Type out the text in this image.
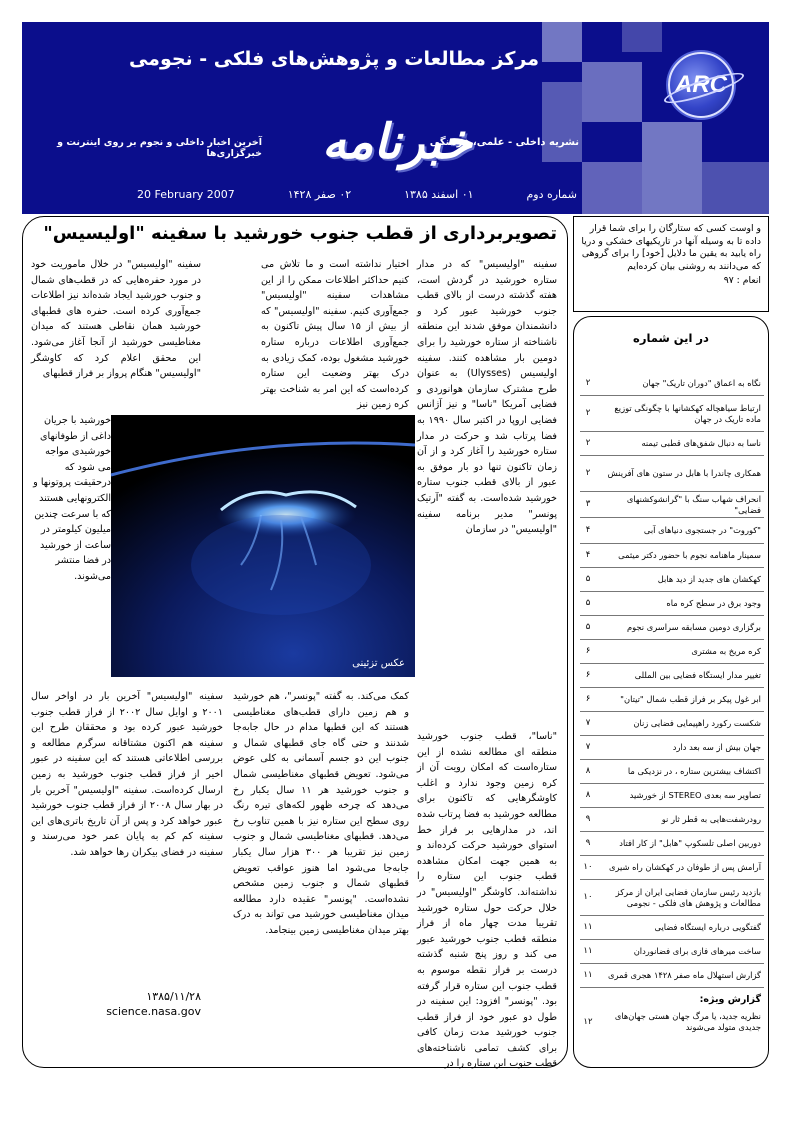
ARC
مرکز مطالعات و پژوهش‌های فلکی - نجومی
خبرنامه
نشریه داخلی - علمی، فرهنگی
آخرین اخبار داخلی و نجوم بر روی اینترنت و خبرگزاری‌ها
شماره دوم
۰۱ اسفند ۱۳۸۵
۰۲ صفر ۱۴۲۸
20 February 2007
تصویربرداری از قطب جنوب خورشید با سفینه "اولیسیس"
سفینه "اولیسیس" که در مدار ستاره خورشید در گردش است، هفته گذشته درست از بالای قطب جنوب خورشید عبور کرد و دانشمندان موفق شدند این منطقه ناشناخته از ستاره خورشید را برای دومین بار مشاهده کنند. سفینه اولیسیس (Ulysses) به عنوان طرح مشترک سازمان هوانوردی و فضایی آمریکا "ناسا" و نیز آژانس فضایی اروپا در اکتبر سال ۱۹۹۰ به فضا پرتاب شد و حرکت در مدار ستاره خورشید را آغاز کرد و از آن زمان تاکنون تنها دو بار موفق به عبور از بالای قطب جنوب ستاره خورشید شده‌است. به گفته "آرتیک پونسر" مدیر برنامه سفینه "اولیسیس" در سازمان
اختیار نداشته است و ما تلاش می کنیم حداکثر اطلاعات ممکن را از این مشاهدات سفینه "اولیسیس" جمع‌آوری کنیم. سفینه "اولیسیس" که از بیش از ۱۵ سال پیش تاکنون به جمع‌آوری اطلاعات درباره ستاره خورشید مشغول بوده، کمک زیادی به درک بهتر وضعیت این ستاره کرده‌است که این امر به شناخت بهتر کره زمین نیز
سفینه "اولیسیس" در خلال ماموریت خود در مورد حفره‌هایی که در قطب‌های شمال و جنوب خورشید ایجاد شده‌اند نیز اطلاعات جمع‌آوری کرده است. حفره های قطبهای خورشید همان نقاطی هستند که میدان مغناطیسی خورشید از آنجا آغاز می‌شود. این محقق اعلام کرد که کاوشگر "اولیسیس" هنگام پرواز بر فراز قطبهای
خورشید با جریان داغی از طوفانهای خورشیدی مواجه می شود که درحقیقت پروتونها و الکترونهایی هستند که با سرعت چندین میلیون کیلومتر در ساعت از خورشید در فضا منتشر می‌شوند.
عکس تزئینی
"ناسا"، قطب جنوب خورشید منطقه ای مطالعه نشده از این ستاره‌است که امکان رویت آن از کره زمین وجود ندارد و اغلب کاوشگرهایی که تاکنون برای مطالعه خورشید به فضا پرتاب شده اند، در مدارهایی بر فراز خط استوای خورشید حرکت کرده‌اند و به همین جهت امکان مشاهده قطب جنوب این ستاره را نداشته‌اند. کاوشگر "اولیسیس" در خلال حرکت حول ستاره خورشید تقریبا مدت چهار ماه از فراز منطقه قطب جنوب خورشید عبور می کند و روز پنج شنبه گذشته درست بر فراز نقطه موسوم به قطب جنوب این ستاره قرار گرفته بود. "پونسر" افزود: این سفینه در طول دو عبور خود از فراز قطب جنوب خورشید مدت زمان کافی برای کشف تمامی ناشناخته‌های قطب جنوب این ستاره را در
کمک می‌کند. به گفته "پونسر"، هم خورشید و هم زمین دارای قطب‌های مغناطیسی هستند که این قطبها مدام در حال جابه‌جا شدنند و حتی گاه جای قطبهای شمال و جنوب این دو جسم آسمانی به کلی عوض می‌شود. تعویض قطبهای مغناطیسی شمال و جنوب خورشید هر ۱۱ سال یکبار رخ می‌دهد که چرخه ظهور لکه‌های تیره رنگ روی سطح این ستاره نیز با همین تناوب رخ می‌دهد. قطبهای مغناطیسی شمال و جنوب زمین نیز تقریبا هر ۳۰۰ هزار سال یکبار جابه‌جا می‌شود اما هنوز عواقب تعویض قطبهای شمال و جنوب زمین مشخص نشده‌است. "پونسر" عقیده دارد مطالعه میدان مغناطیسی خورشید می تواند به درک بهتر میدان مغناطیسی زمین بینجامد.
سفینه "اولیسیس" آخرین بار در اواخر سال ۲۰۰۱ و اوایل سال ۲۰۰۲ از فراز قطب جنوب خورشید عبور کرده بود و محققان طرح این سفینه هم اکنون مشتاقانه سرگرم مطالعه و بررسی اطلاعاتی هستند که این سفینه در عبور اخیر از فراز قطب جنوب خورشید به زمین ارسال کرده‌است. سفینه "اولیسیس" آخرین بار در بهار سال ۲۰۰۸ از فراز قطب جنوب خورشید عبور خواهد کرد و پس از آن تاریخ باتری‌های این سفینه کم کم به پایان عمر خود می‌رسند و سفینه در فضای بیکران رها خواهد شد.
۱۳۸۵/۱۱/۲۸
science.nasa.gov
و اوست کسی که ستارگان را برای شما قرار داده تا به وسیله آنها در تاریکیهای خشکی و دریا راه یابید به یقین ما دلایل [خود] را برای گروهی که می‌دانند به روشنی بیان کرده‌ایم
انعام : ۹۷
در این شماره
نگاه به اعماق "دوران تاریک" جهان
۲
ارتباط سیاهچاله کهکشانها با چگونگی توزیع ماده تاریک در جهان
۲
ناسا به دنبال شفق‌های قطبی تیمنه
۲
همکاری چاندرا با هابل در ستون های آفرینش
۲
انحراف شهاب سنگ با "گرانشوکشنهای فضایی"
۳
"کوروت" در جستجوی دنیاهای آبی
۴
سمینار ماهنامه نجوم با حضور دکتر میثمی
۴
کهکشان های جدید از دید هابل
۵
وجود برق در سطح کره ماه
۵
برگزاری دومین مسابقه سراسری نجوم
۵
کره مریخ به مشتری
۶
تغییر مدار ایستگاه فضایی بین المللی
۶
ابر غول پیکر بر فراز قطب شمال "تیتان"
۶
شکست رکورد راهپیمایی فضایی زنان
۷
جهان بیش از سه بعد دارد
۷
اکتشاف بیشترین ستاره ، در نزدیکی ما
۸
تصاویر سه بعدی STEREO از خورشید
۸
رودرشفت‌هایی به قطر ثار نو
۹
دوربین اصلی تلسکوپ "هابل" از کار افتاد
۹
آرامش پس از طوفان در کهکشان راه شیری
۱۰
بازدید رئیس سازمان فضایی ایران از مرکز مطالعات و پژوهش های فلکی - نجومی
۱۰
گفتگویی درباره ایستگاه فضایی
۱۱
ساخت میرهای فازی برای فضانوردان
۱۱
گزارش استهلال ماه صفر ۱۴۲۸ هجری قمری
۱۱
گزارش ویژه:
نظریه جدید، یا مرگ جهان هستی جهان‌های جدیدی متولد می‌شوند
۱۲
